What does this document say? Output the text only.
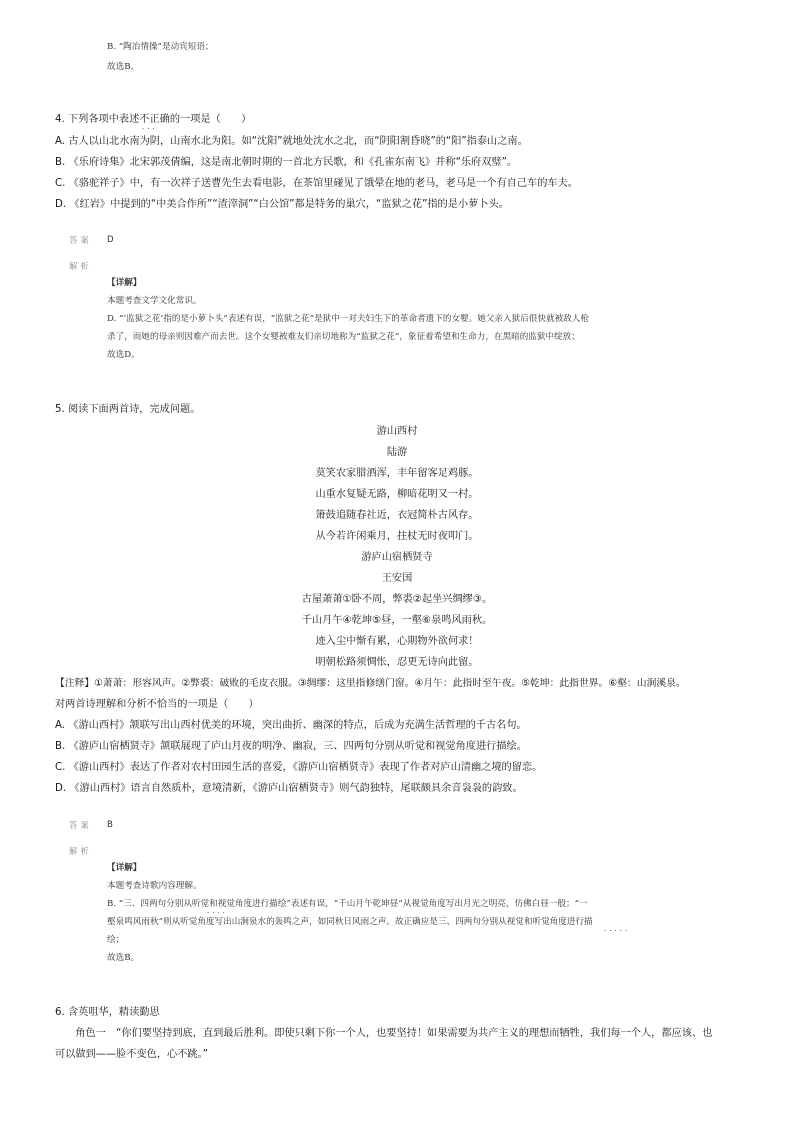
B. “陶冶情操”是动宾短语；
故选B。
4. 下列各项中表述不正确的一项是（　　）
···
A. 古人以山北水南为阴，山南水北为阳。如“沈阳”就地处沈水之北，而“阴阳割昏晓”的“阳”指泰山之南。
B. 《乐府诗集》北宋郭茂倩编，这是南北朝时期的一首北方民歌，和《孔雀东南飞》并称“乐府双璧”。
C. 《骆驼祥子》中，有一次祥子送曹先生去看电影，在茶馆里碰见了饿晕在地的老马，老马是一个有自己车的车夫。
D. 《红岩》中提到的“中美合作所”“渣滓洞”“白公馆”都是特务的巢穴，“监狱之花”指的是小萝卜头。
答案 D
解析
【详解】
本题考查文学文化常识。
D. “‘监狱之花’指的是小萝卜头”表述有误，“监狱之花”是狱中一对夫妇生下的革命者遗下的女婴。她父亲入狱后很快就被敌人枪
杀了，而她的母亲则因难产而去世。这个女婴被难友们亲切地称为“监狱之花”，象征着希望和生命力，在黑暗的监狱中绽放；
故选D。
5. 阅读下面两首诗，完成问题。
游山西村
陆游
莫笑农家腊酒浑，丰年留客足鸡豚。
山重水复疑无路，柳暗花明又一村。
箫鼓追随春社近，衣冠简朴古风存。
从今若许闲乘月，拄杖无时夜叩门。
游庐山宿栖贤寺
王安国
古屋萧萧①卧不周，弊裘②起坐兴绸缪③。
千山月午④乾坤⑤昼，一壑⑥泉鸣风雨秋。
迹入尘中惭有累，心期物外欲何求！
明朝松路须惆怅，忍更无诗向此留。
【注释】①萧萧：形容风声。②弊裘：破败的毛皮衣服。③绸缪：这里指修缮门窗。④月午：此指时至午夜。⑤乾坤：此指世界。⑥壑：山涧溪泉。
对两首诗理解和分析不恰当的一项是（　　）
A. 《游山西村》颔联写出山西村优美的环境，突出曲折、幽深的特点，后成为充满生活哲理的千古名句。
B. 《游庐山宿栖贤寺》颔联展现了庐山月夜的明净、幽寂，三、四两句分别从听觉和视觉角度进行描绘。
C. 《游山西村》表达了作者对农村田园生活的喜爱，《游庐山宿栖贤寺》表现了作者对庐山清幽之境的留恋。
D. 《游山西村》语言自然质朴，意境清新，《游庐山宿栖贤寺》则气韵独特，尾联颇具余音袅袅的韵致。
答案 B
解析
【详解】
本题考查诗歌内容理解。
B. “三、四两句分别从听觉和视觉角度进行描绘”表述有误，“千山月午乾坤昼”从视觉角度写出月光之明亮，仿佛白昼一般；“一
····
壑泉鸣风雨秋”则从听觉角度写出山涧泉水的轰鸣之声，如同秋日风雨之声。故正确应是三、四两句分别从视觉和听觉角度进行描
·····
绘；
故选B。
6. 含英咀华，精读勤思
　　角色一　“你们要坚持到底，直到最后胜利。即使只剩下你一个人，也要坚持！如果需要为共产主义的理想而牺牲，我们每一个人，都应该、也
可以做到——脸不变色，心不跳。”
